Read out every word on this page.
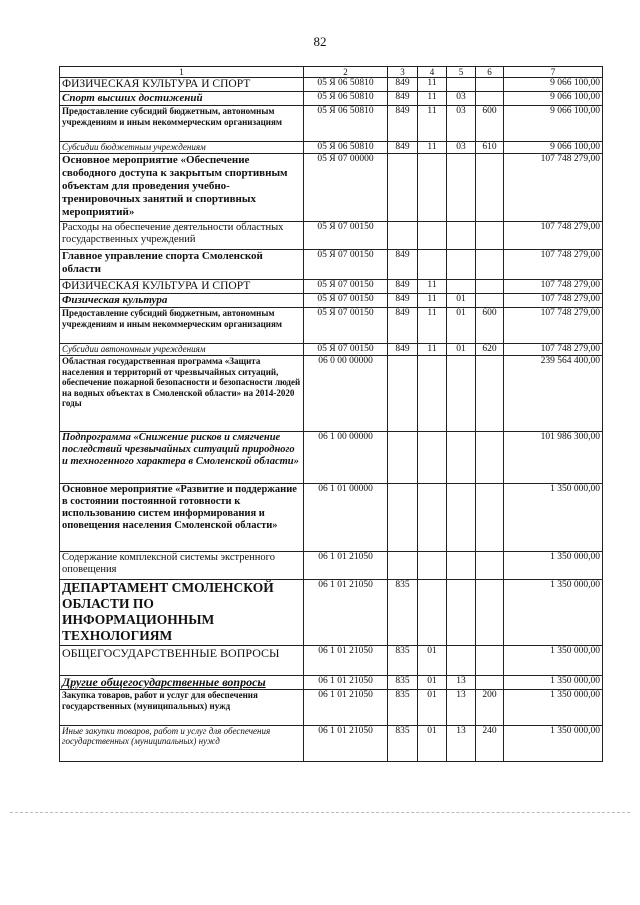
82
1	2	3	4	5	6	7
ФИЗИЧЕСКАЯ КУЛЬТУРА И СПОРТ	05 Я 06 50810	849	11			9 066 100,00
Спорт высших достижений	05 Я 06 50810	849	11	03		9 066 100,00
Предоставление субсидий бюджетным, автономным учреждениям и иным некоммерческим организациям	05 Я 06 50810	849	11	03	600	9 066 100,00
Субсидии бюджетным учреждениям	05 Я 06 50810	849	11	03	610	9 066 100,00
Основное мероприятие «Обеспечение свободного доступа к закрытым спортивным объектам для проведения учебно-тренировочных занятий и спортивных мероприятий»	05 Я 07 00000					107 748 279,00
Расходы на обеспечение деятельности областных государственных учреждений	05 Я 07 00150					107 748 279,00
Главное управление спорта Смоленской области	05 Я 07 00150	849				107 748 279,00
ФИЗИЧЕСКАЯ КУЛЬТУРА И СПОРТ	05 Я 07 00150	849	11			107 748 279,00
Физическая культура	05 Я 07 00150	849	11	01		107 748 279,00
Предоставление субсидий бюджетным, автономным учреждениям и иным некоммерческим организациям	05 Я 07 00150	849	11	01	600	107 748 279,00
Субсидии автономным учреждениям	05 Я 07 00150	849	11	01	620	107 748 279,00
Областная государственная программа «Защита населения и территорий от чрезвычайных ситуаций, обеспечение пожарной безопасности и безопасности людей на водных объектах в Смоленской области» на 2014-2020 годы	06 0 00 00000					239 564 400,00
Подпрограмма «Снижение рисков и смягчение последствий чрезвычайных ситуаций природного и техногенного характера в Смоленской области»	06 1 00 00000					101 986 300,00
Основное мероприятие «Развитие и поддержание в состоянии постоянной готовности к использованию систем информирования и оповещения населения Смоленской области»	06 1 01 00000					1 350 000,00
Содержание комплексной системы экстренного оповещения	06 1 01 21050					1 350 000,00
ДЕПАРТАМЕНТ СМОЛЕНСКОЙ ОБЛАСТИ ПО ИНФОРМАЦИОННЫМ ТЕХНОЛОГИЯМ	06 1 01 21050	835				1 350 000,00
ОБЩЕГОСУДАРСТВЕННЫЕ ВОПРОСЫ	06 1 01 21050	835	01			1 350 000,00
Другие общегосударственные вопросы	06 1 01 21050	835	01	13		1 350 000,00
Закупка товаров, работ и услуг для обеспечения государственных (муниципальных) нужд	06 1 01 21050	835	01	13	200	1 350 000,00
Иные закупки товаров, работ и услуг для обеспечения государственных (муниципальных) нужд	06 1 01 21050	835	01	13	240	1 350 000,00
